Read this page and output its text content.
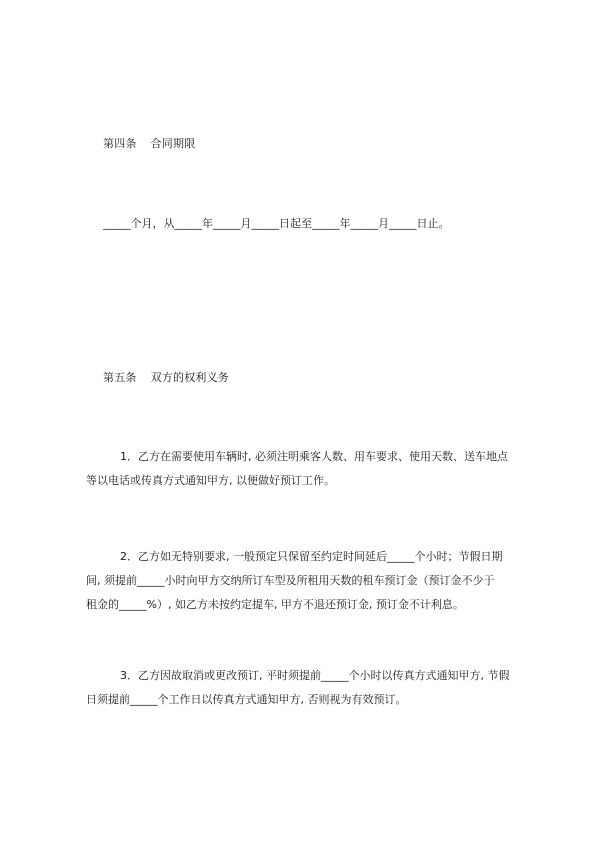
第四条 合同期限

_____个月，从_____年_____月_____日起至_____年_____月_____日止。

第五条 双方的权利义务

1．乙方在需要使用车辆时, 必须注明乘客人数、用车要求、使用天数、送车地点
等以电话或传真方式通知甲方, 以便做好预订工作。
2．乙方如无特别要求, 一般预定只保留至约定时间延后_____个小时；节假日期
间, 须提前_____小时向甲方交纳所订车型及所租用天数的租车预订金（预订金不少于
租金的_____%）, 如乙方未按约定提车, 甲方不退还预订金, 预订金不计利息。
3．乙方因故取消或更改预订, 平时须提前_____个小时以传真方式通知甲方, 节假
日须提前_____个工作日以传真方式通知甲方, 否则视为有效预订。
